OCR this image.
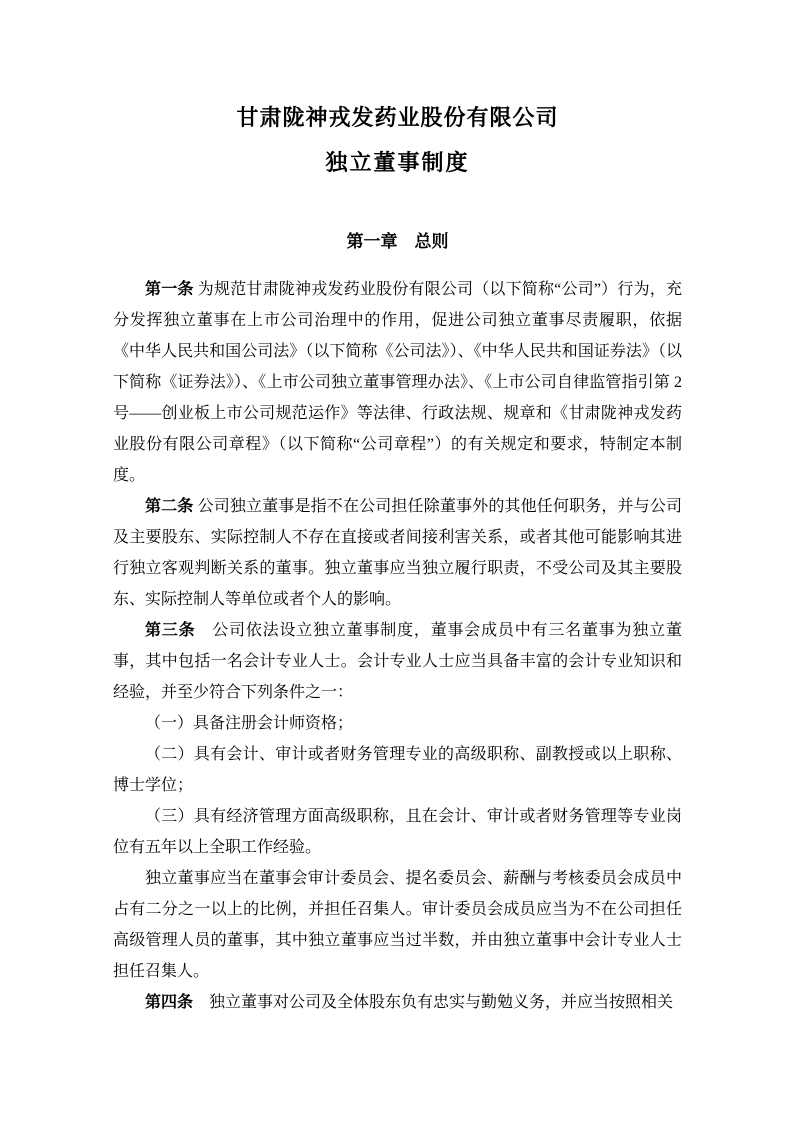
甘肃陇神戎发药业股份有限公司
独立董事制度
第一章　总则

第一条 为规范甘肃陇神戎发药业股份有限公司（以下简称“公司”）行为，充分发挥独立董事在上市公司治理中的作用，促进公司独立董事尽责履职，依据《中华人民共和国公司法》（以下简称《公司法》）、《中华人民共和国证券法》（以下简称《证券法》）、《上市公司独立董事管理办法》、《上市公司自律监管指引第 2 号——创业板上市公司规范运作》等法律、行政法规、规章和《甘肃陇神戎发药业股份有限公司章程》（以下简称“公司章程”）的有关规定和要求，特制定本制度。

第二条 公司独立董事是指不在公司担任除董事外的其他任何职务，并与公司及主要股东、实际控制人不存在直接或者间接利害关系，或者其他可能影响其进行独立客观判断关系的董事。独立董事应当独立履行职责，不受公司及其主要股东、实际控制人等单位或者个人的影响。

第三条　公司依法设立独立董事制度，董事会成员中有三名董事为独立董事，其中包括一名会计专业人士。会计专业人士应当具备丰富的会计专业知识和经验，并至少符合下列条件之一：

（一）具备注册会计师资格；

（二）具有会计、审计或者财务管理专业的高级职称、副教授或以上职称、博士学位；

（三）具有经济管理方面高级职称，且在会计、审计或者财务管理等专业岗位有五年以上全职工作经验。

独立董事应当在董事会审计委员会、提名委员会、薪酬与考核委员会成员中占有二分之一以上的比例，并担任召集人。审计委员会成员应当为不在公司担任高级管理人员的董事，其中独立董事应当过半数，并由独立董事中会计专业人士担任召集人。

第四条　独立董事对公司及全体股东负有忠实与勤勉义务，并应当按照相关
